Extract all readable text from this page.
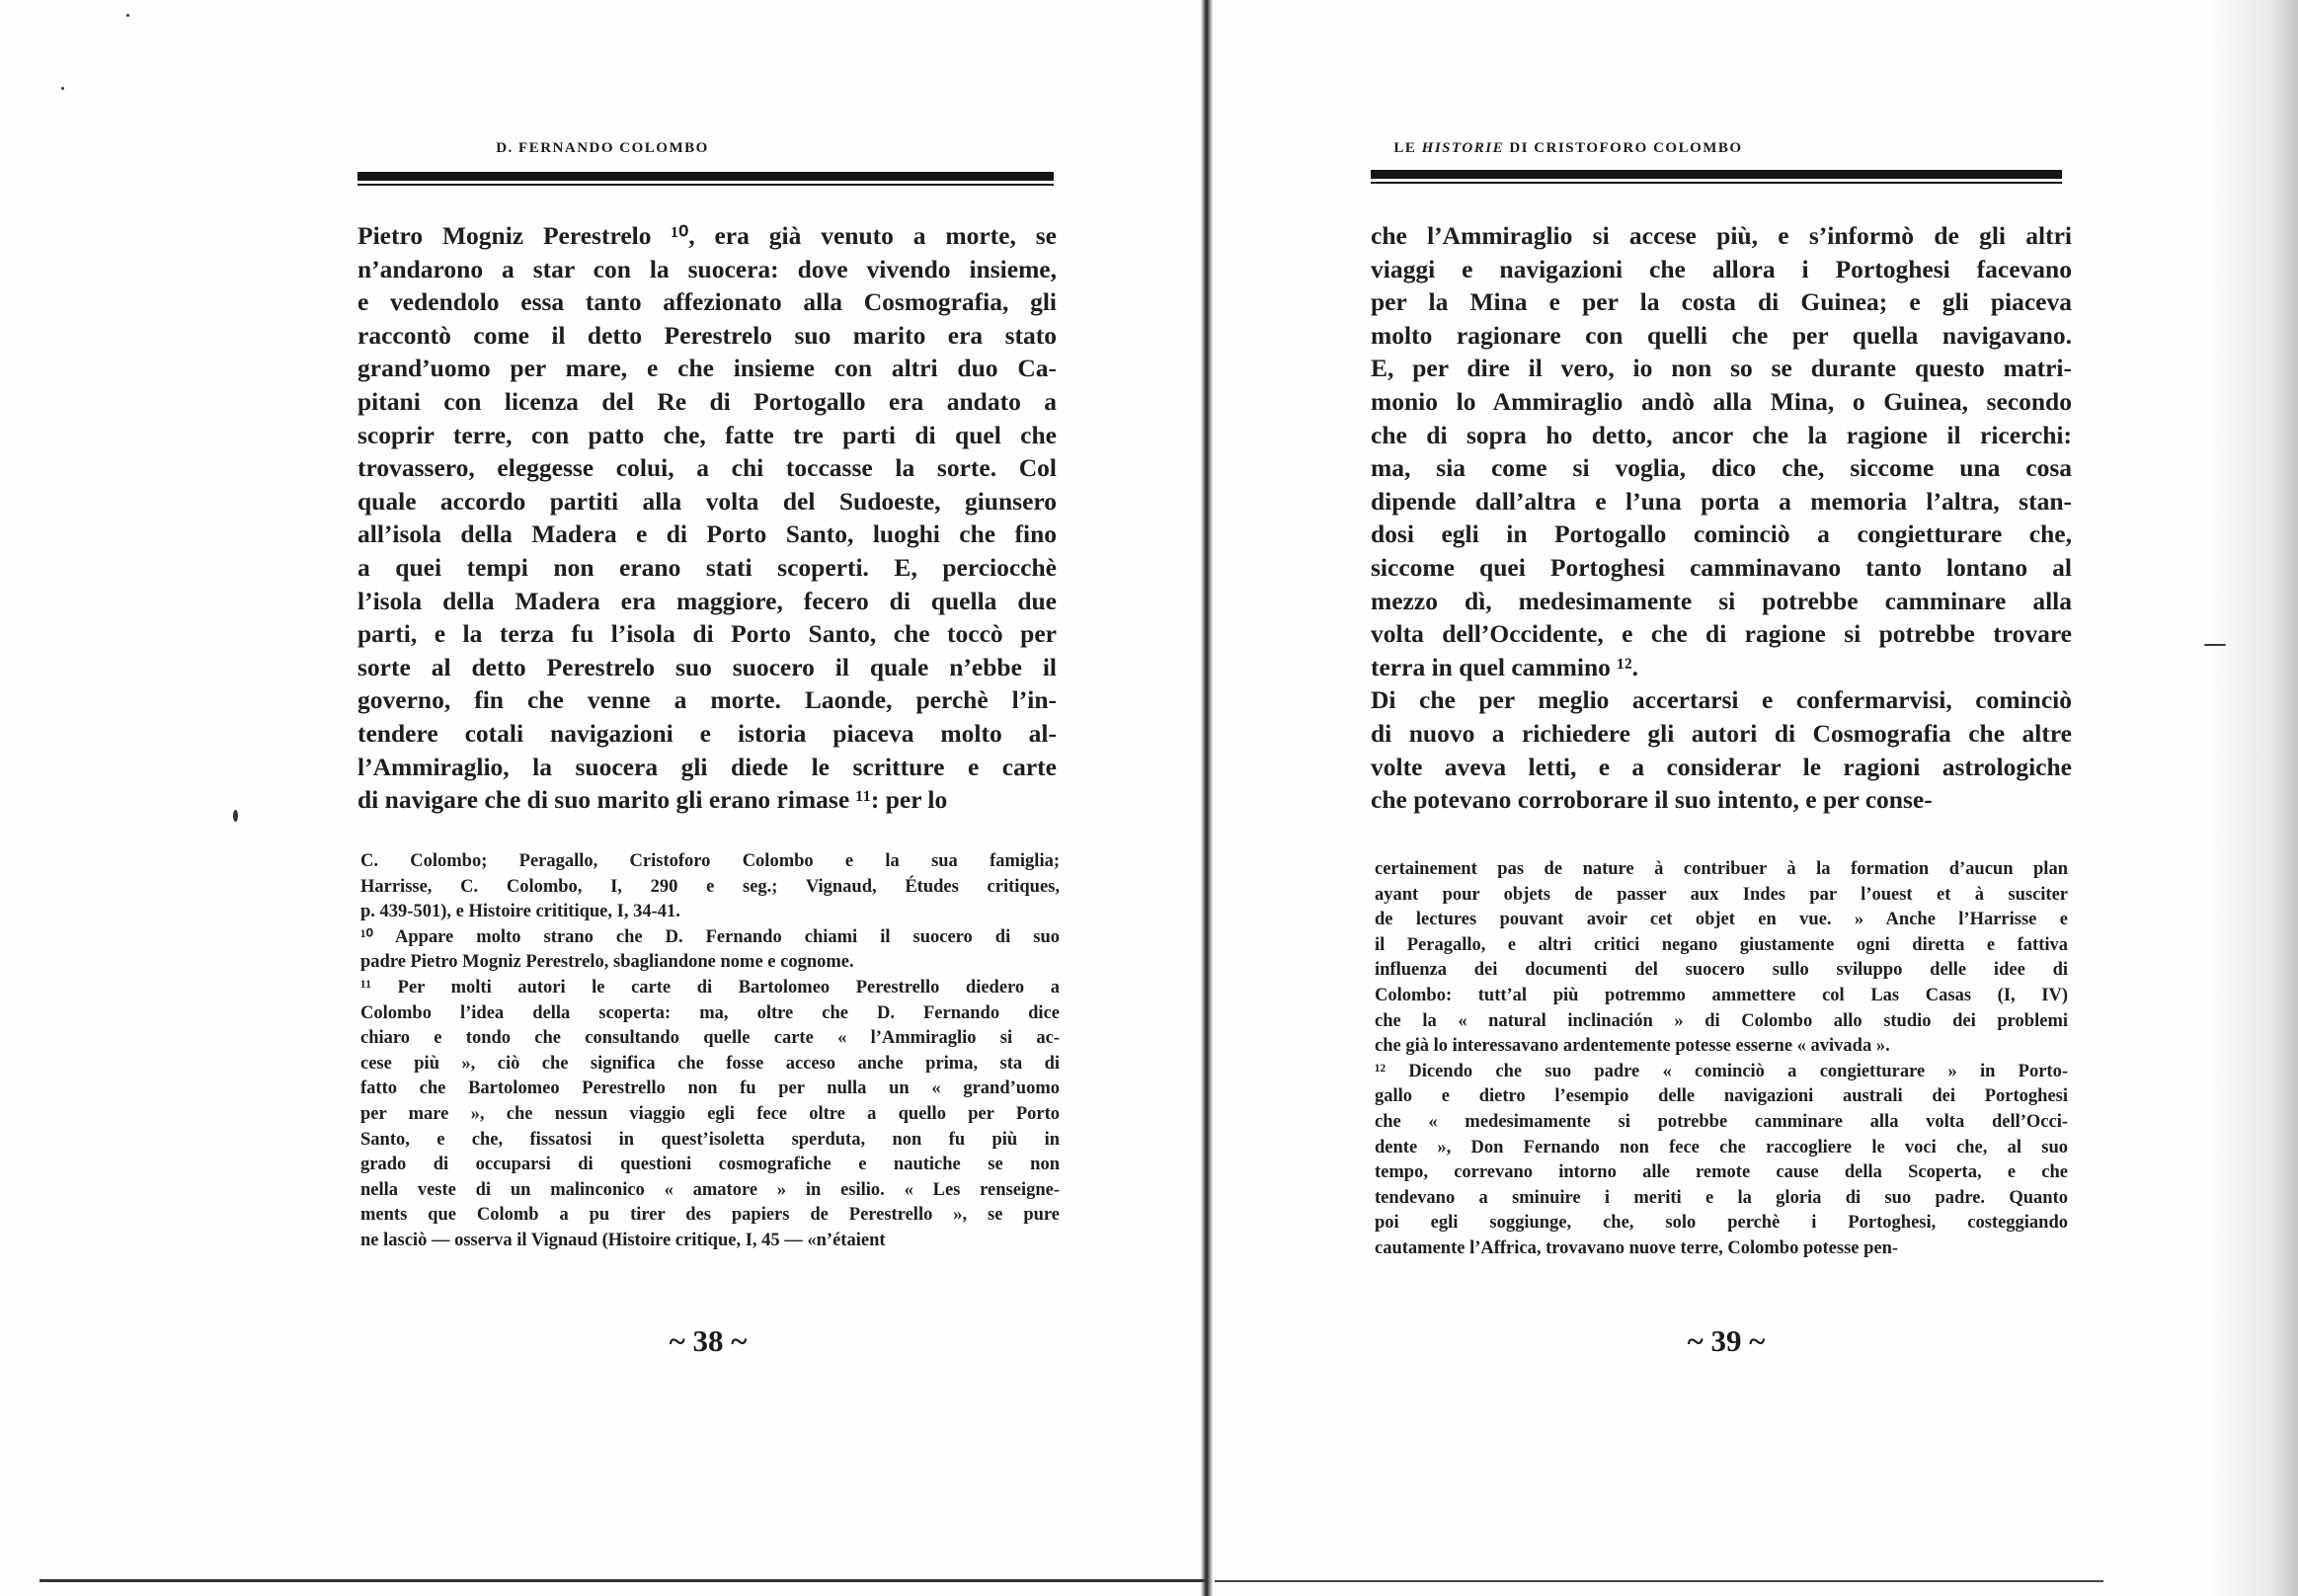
D. FERNANDO COLOMBO
Pietro Mogniz Perestrelo ¹⁰, era già venuto a morte, se
n’andarono a star con la suocera: dove vivendo insieme,
e vedendolo essa tanto affezionato alla Cosmografia, gli
raccontò come il detto Perestrelo suo marito era stato
grand’uomo per mare, e che insieme con altri duo Ca-
pitani con licenza del Re di Portogallo era andato a
scoprir terre, con patto che, fatte tre parti di quel che
trovassero, eleggesse colui, a chi toccasse la sorte. Col
quale accordo partiti alla volta del Sudoeste, giunsero
all’isola della Madera e di Porto Santo, luoghi che fino
a quei tempi non erano stati scoperti. E, perciocchè
l’isola della Madera era maggiore, fecero di quella due
parti, e la terza fu l’isola di Porto Santo, che toccò per
sorte al detto Perestrelo suo suocero il quale n’ebbe il
governo, fin che venne a morte. Laonde, perchè l’in-
tendere cotali navigazioni e istoria piaceva molto al-
l’Ammiraglio, la suocera gli diede le scritture e carte
di navigare che di suo marito gli erano rimase ¹¹: per lo
C. Colombo; Peragallo, Cristoforo Colombo e la sua famiglia;
Harrisse, C. Colombo, I, 290 e seg.; Vignaud, Études critiques,
p. 439-501), e Histoire crititique, I, 34-41.
¹⁰ Appare molto strano che D. Fernando chiami il suocero di suo
padre Pietro Mogniz Perestrelo, sbagliandone nome e cognome.
¹¹ Per molti autori le carte di Bartolomeo Perestrello diedero a
Colombo l’idea della scoperta: ma, oltre che D. Fernando dice
chiaro e tondo che consultando quelle carte « l’Ammiraglio si ac-
cese più », ciò che significa che fosse acceso anche prima, sta di
fatto che Bartolomeo Perestrello non fu per nulla un « grand’uomo
per mare », che nessun viaggio egli fece oltre a quello per Porto
Santo, e che, fissatosi in quest’isoletta sperduta, non fu più in
grado di occuparsi di questioni cosmografiche e nautiche se non
nella veste di un malinconico « amatore » in esilio. « Les renseigne-
ments que Colomb a pu tirer des papiers de Perestrello », se pure
ne lasciò — osserva il Vignaud (Histoire critique, I, 45 — «n’étaient
~ 38 ~
LE HISTORIE DI CRISTOFORO COLOMBO
che l’Ammiraglio si accese più, e s’informò de gli altri
viaggi e navigazioni che allora i Portoghesi facevano
per la Mina e per la costa di Guinea; e gli piaceva
molto ragionare con quelli che per quella navigavano.
E, per dire il vero, io non so se durante questo matri-
monio lo Ammiraglio andò alla Mina, o Guinea, secondo
che di sopra ho detto, ancor che la ragione il ricerchi:
ma, sia come si voglia, dico che, siccome una cosa
dipende dall’altra e l’una porta a memoria l’altra, stan-
dosi egli in Portogallo cominciò a congietturare che,
siccome quei Portoghesi camminavano tanto lontano al
mezzo dì, medesimamente si potrebbe camminare alla
volta dell’Occidente, e che di ragione si potrebbe trovare
terra in quel cammino ¹².
Di che per meglio accertarsi e confermarvisi, cominciò
di nuovo a richiedere gli autori di Cosmografia che altre
volte aveva letti, e a considerar le ragioni astrologiche
che potevano corroborare il suo intento, e per conse-
certainement pas de nature à contribuer à la formation d’aucun plan
ayant pour objets de passer aux Indes par l’ouest et à susciter
de lectures pouvant avoir cet objet en vue. » Anche l’Harrisse e
il Peragallo, e altri critici negano giustamente ogni diretta e fattiva
influenza dei documenti del suocero sullo sviluppo delle idee di
Colombo: tutt’al più potremmo ammettere col Las Casas (I, IV)
che la « natural inclinación » di Colombo allo studio dei problemi
che già lo interessavano ardentemente potesse esserne « avivada ».
¹² Dicendo che suo padre « cominciò a congietturare » in Porto-
gallo e dietro l’esempio delle navigazioni australi dei Portoghesi
che « medesimamente si potrebbe camminare alla volta dell’Occi-
dente », Don Fernando non fece che raccogliere le voci che, al suo
tempo, correvano intorno alle remote cause della Scoperta, e che
tendevano a sminuire i meriti e la gloria di suo padre. Quanto
poi egli soggiunge, che, solo perchè i Portoghesi, costeggiando
cautamente l’Affrica, trovavano nuove terre, Colombo potesse pen-
~ 39 ~
